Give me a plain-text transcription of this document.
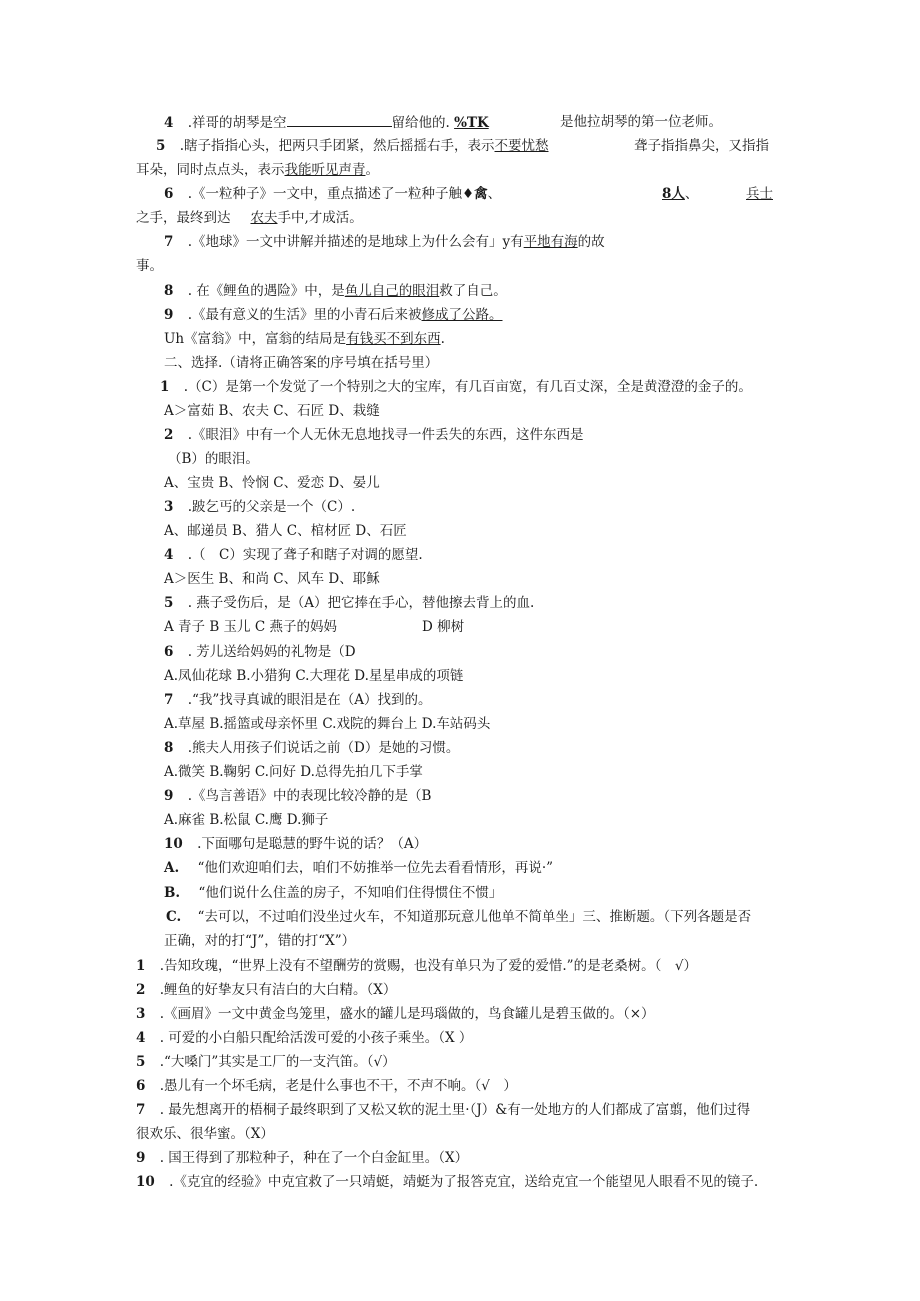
4 .祥哥的胡琴是空	留给他的. %TK	是他拉胡琴的第一位老师。
5 .瞎子指指心头，把两只手团紧，然后摇摇右手，表示不要忧愁	聋子指指鼻尖，又指指
耳朵，同时点点头，表示我能听见声青。
6 .《一粒种子》一文中，重点描述了一粒种子触♦禽、	8人、	兵士
之手，最终到达 农夫手中,才成活。
7 .《地球》一文中讲解并描述的是地球上为什么会有」y有平地有海的故
事。
8 . 在《鲤鱼的遇险》中，是鱼儿自己的眼泪救了自己。
9 .《最有意义的生活》里的小青石后来被修成了公路。
Uh《富翁》中，富翁的结局是有钱买不到东西.
二、选择.（请将正确答案的序号填在括号里）
1 .（C）是第一个发觉了一个特别之大的宝库，有几百亩宽，有几百丈深，全是黄澄澄的金子的。
A＞富茹 B、农夫 C、石匠 D、栽缝
2 .《眼泪》中有一个人无休无息地找寻一件丢失的东西，这件东西是
（B）的眼泪。
A、宝贵 B、怜悯 C、爱恋 D、晏儿
3 .跛乞丐的父亲是一个（C）.
A、邮递员 B、猎人 C、棺材匠 D、石匠
4 .（　C）实现了聋子和瞎子对调的愿望.
A＞医生 B、和尚 C、风车 D、耶稣
5 . 燕子受伤后，是（A）把它捧在手心，替他擦去背上的血.
A 青子 B 玉儿 C 燕子的妈妈	D 柳树
6 . 芳儿送给妈妈的礼物是（D
A.凤仙花球 B.小猎狗 C.大理花 D.星星串成的项链
7 .“我”找寻真诚的眼泪是在（A）找到的。
A.草屋 B.摇篮或母亲怀里 C.戏院的舞台上 D.车站码头
8 .熊夫人用孩子们说话之前（D）是她的习惯。
A.微笑 B.鞠躬 C.问好 D.总得先拍几下手掌
9 .《鸟言善语》中的表现比较冷静的是（B
A.麻雀 B.松鼠 C.鹰 D.狮子
10 .下面哪句是聪慧的野牛说的话？（A）
A. “他们欢迎咱们去，咱们不妨推举一位先去看看情形，再说·”
B. “他们说什么住盖的房子，不知咱们住得惯住不惯」
C. “去可以，不过咱们没坐过火车，不知道那玩意儿他单不简单坐」三、推断题。（下列各题是否
正确，对的打“J”，错的打“X”）
1 .告知玫瑰，“世界上没有不望酬劳的赏赐，也没有单只为了爱的爱惜.”的是老桑树。（　√）
2 .鲤鱼的好挚友只有洁白的大白精。（X）
3 .《画眉》一文中黄金鸟笼里，盛水的罐儿是玛瑙做的，鸟食罐儿是碧玉做的。（×）
4 . 可爱的小白船只配给活泼可爱的小孩子乘坐。（X ）
5 .“大嗓门”其实是工厂的一支汽笛。（√）
6 .愚儿有一个坏毛病，老是什么事也不干，不声不响。（√　）
7 . 最先想离开的梧桐子最终职到了又松又软的泥土里·（J）&有一处地方的人们都成了富翦，他们过得
很欢乐、很华蜜。（X）
9 . 国王得到了那粒种子，种在了一个白金缸里。（X）
10 .《克宜的经验》中克宜救了一只靖蜓，靖蜓为了报答克宜，送给克宜一个能望见人眼看不见的镜子.
